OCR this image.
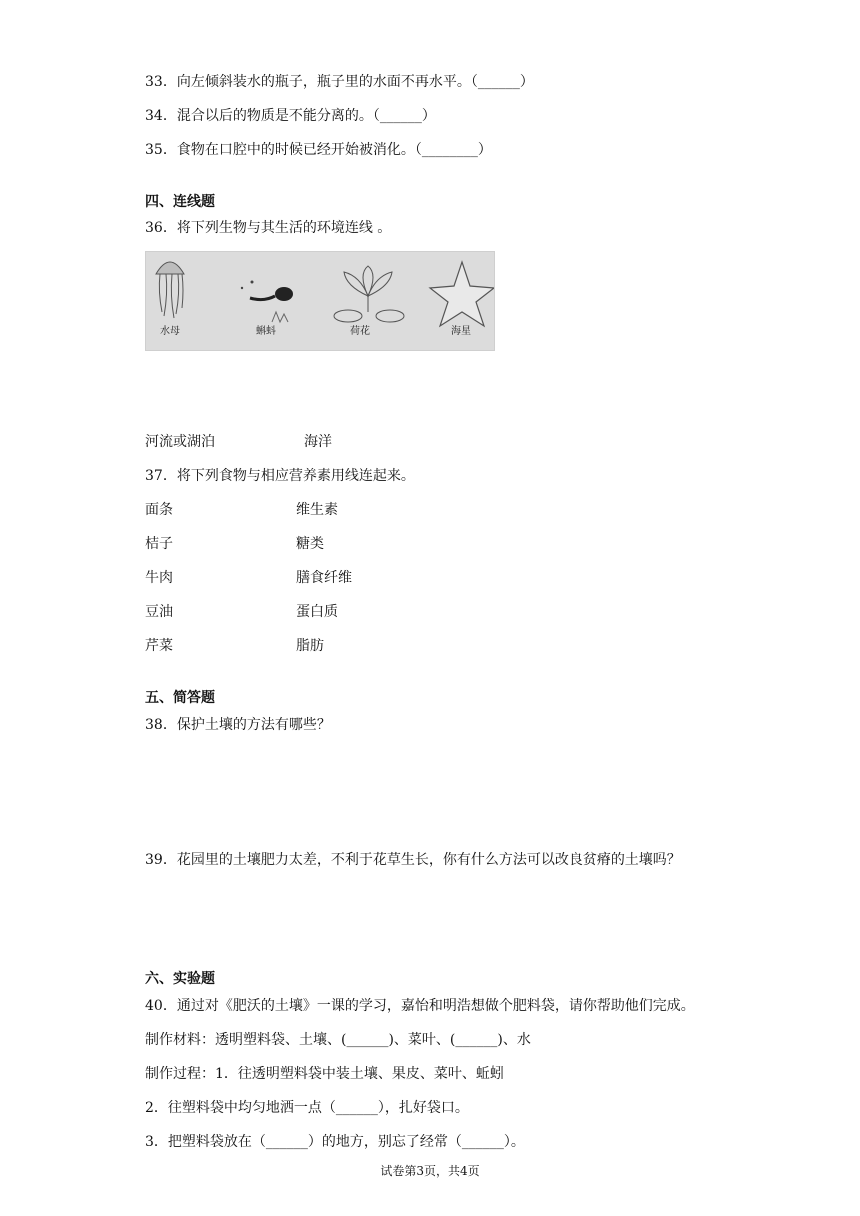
33．向左倾斜装水的瓶子，瓶子里的水面不再水平。（______）
34．混合以后的物质是不能分离的。（______）
35．食物在口腔中的时候已经开始被消化。（________）
四、连线题
36．将下列生物与其生活的环境连线 。
水母	蝌蚪	荷花	海星
河流或湖泊	海洋
37．将下列食物与相应营养素用线连起来。
面条	维生素
桔子	糖类
牛肉	膳食纤维
豆油	蛋白质
芹菜	脂肪
五、简答题
38．保护土壤的方法有哪些？
39．花园里的土壤肥力太差，不利于花草生长，你有什么方法可以改良贫瘠的土壤吗？
六、实验题
40．通过对《肥沃的土壤》一课的学习，嘉怡和明浩想做个肥料袋，请你帮助他们完成。
制作材料：透明塑料袋、土壤、(______)、菜叶、(______)、水
制作过程：1．往透明塑料袋中装土壤、果皮、菜叶、蚯蚓
2．往塑料袋中均匀地洒一点（______），扎好袋口。
3．把塑料袋放在（______）的地方，别忘了经常（______）。
试卷第3页，共4页
